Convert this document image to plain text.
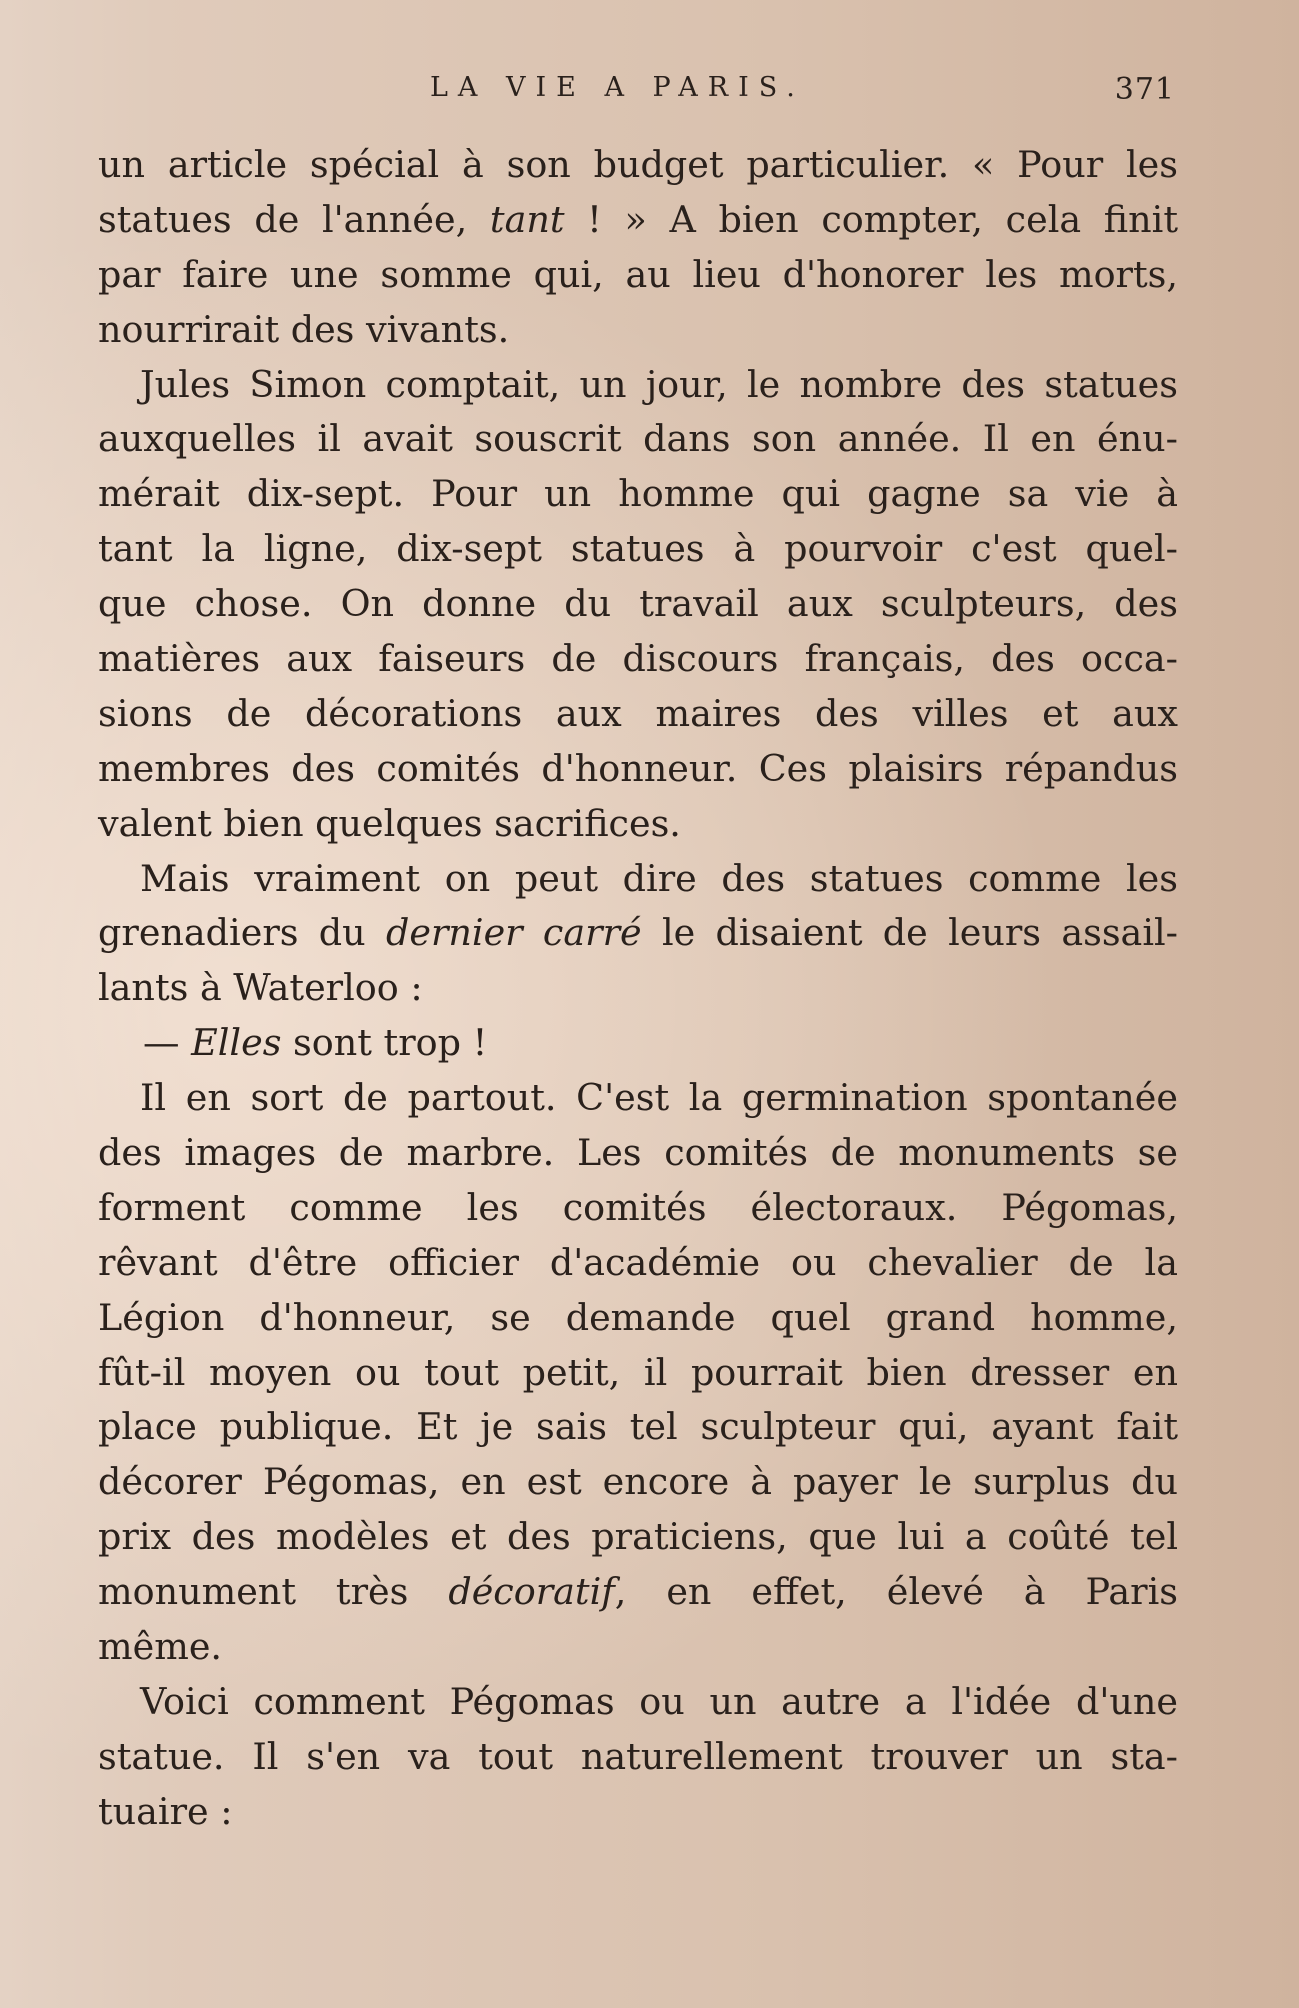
LA VIE A PARIS.	371
un article spécial à son budget particulier. « Pour les
statues de l'année, tant ! » A bien compter, cela finit
par faire une somme qui, au lieu d'honorer les morts,
nourrirait des vivants.
Jules Simon comptait, un jour, le nombre des statues
auxquelles il avait souscrit dans son année. Il en énu-
mérait dix-sept. Pour un homme qui gagne sa vie à
tant la ligne, dix-sept statues à pourvoir c'est quel-
que chose. On donne du travail aux sculpteurs, des
matières aux faiseurs de discours français, des occa-
sions de décorations aux maires des villes et aux
membres des comités d'honneur. Ces plaisirs répandus
valent bien quelques sacrifices.
Mais vraiment on peut dire des statues comme les
grenadiers du dernier carré le disaient de leurs assail-
lants à Waterloo :
— Elles sont trop !
Il en sort de partout. C'est la germination spontanée
des images de marbre. Les comités de monuments se
forment comme les comités électoraux. Pégomas,
rêvant d'être officier d'académie ou chevalier de la
Légion d'honneur, se demande quel grand homme,
fût-il moyen ou tout petit, il pourrait bien dresser en
place publique. Et je sais tel sculpteur qui, ayant fait
décorer Pégomas, en est encore à payer le surplus du
prix des modèles et des praticiens, que lui a coûté tel
monument très décoratif, en effet, élevé à Paris
même.
Voici comment Pégomas ou un autre a l'idée d'une
statue. Il s'en va tout naturellement trouver un sta-
tuaire :
